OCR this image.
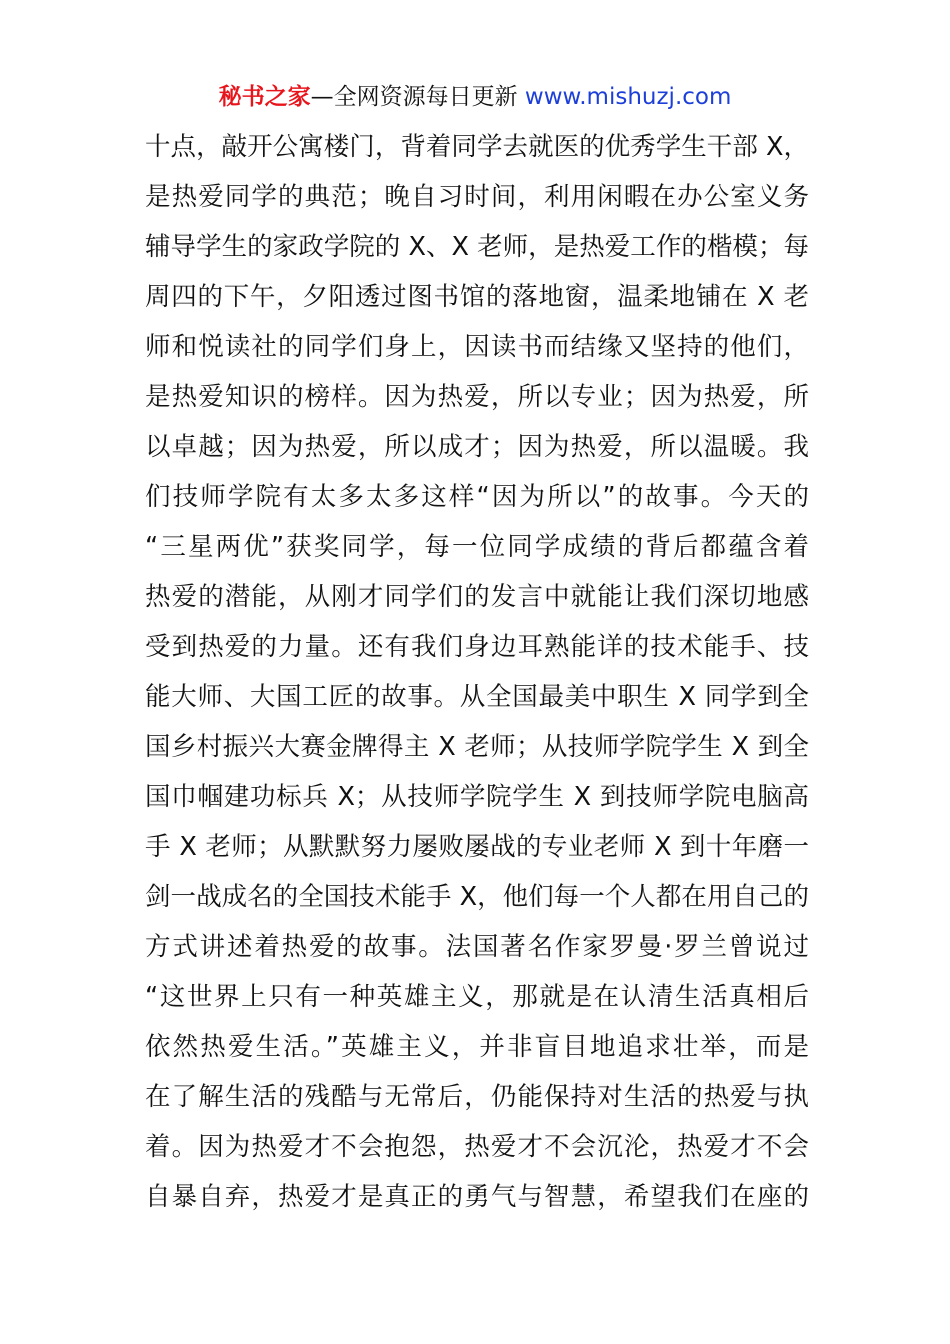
秘书之家—全网资源每日更新 www.mishuzj.com
十点，敲开公寓楼门，背着同学去就医的优秀学生干部 X，
是热爱同学的典范；晚自习时间，利用闲暇在办公室义务
辅导学生的家政学院的 X、X 老师，是热爱工作的楷模；每
周四的下午，夕阳透过图书馆的落地窗，温柔地铺在 X 老
师和悦读社的同学们身上，因读书而结缘又坚持的他们，
是热爱知识的榜样。因为热爱，所以专业；因为热爱，所
以卓越；因为热爱，所以成才；因为热爱，所以温暖。我
们技师学院有太多太多这样“因为所以”的故事。今天的
“三星两优”获奖同学，每一位同学成绩的背后都蕴含着
热爱的潜能，从刚才同学们的发言中就能让我们深切地感
受到热爱的力量。还有我们身边耳熟能详的技术能手、技
能大师、大国工匠的故事。从全国最美中职生 X 同学到全
国乡村振兴大赛金牌得主 X 老师；从技师学院学生 X 到全
国巾帼建功标兵 X；从技师学院学生 X 到技师学院电脑高
手 X 老师；从默默努力屡败屡战的专业老师 X 到十年磨一
剑一战成名的全国技术能手 X，他们每一个人都在用自己的
方式讲述着热爱的故事。法国著名作家罗曼·罗兰曾说过
“这世界上只有一种英雄主义，那就是在认清生活真相后
依然热爱生活。”英雄主义，并非盲目地追求壮举，而是
在了解生活的残酷与无常后，仍能保持对生活的热爱与执
着。因为热爱才不会抱怨，热爱才不会沉沦，热爱才不会
自暴自弃，热爱才是真正的勇气与智慧，希望我们在座的
